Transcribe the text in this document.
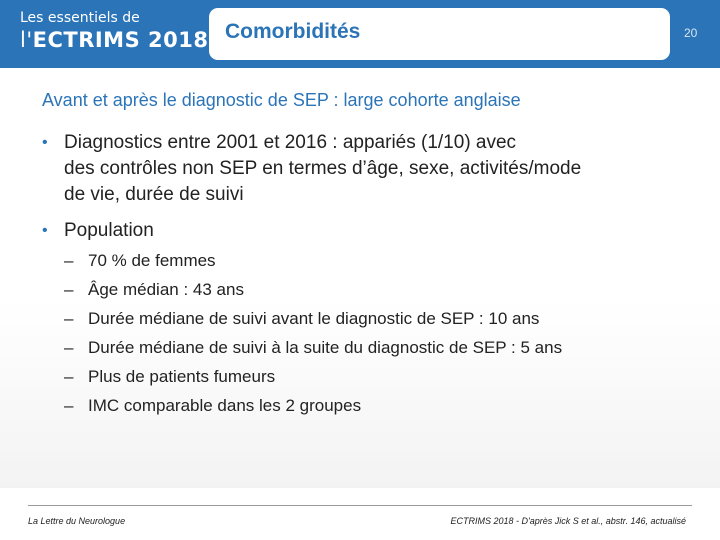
Les essentiels de
l'ECTRIMS 2018 Comorbidités	20
Avant et après le diagnostic de SEP : large cohorte anglaise
• Diagnostics entre 2001 et 2016 : appariés (1/10) avec
des contrôles non SEP en termes d’âge, sexe, activités/mode
de vie, durée de suivi
• Population
– 70 % de femmes
– Âge médian : 43 ans
– Durée médiane de suivi avant le diagnostic de SEP : 10 ans
– Durée médiane de suivi à la suite du diagnostic de SEP : 5 ans
– Plus de patients fumeurs
– IMC comparable dans les 2 groupes
La Lettre du Neurologue	ECTRIMS 2018 - D'après Jick S et al., abstr. 146, actualisé
